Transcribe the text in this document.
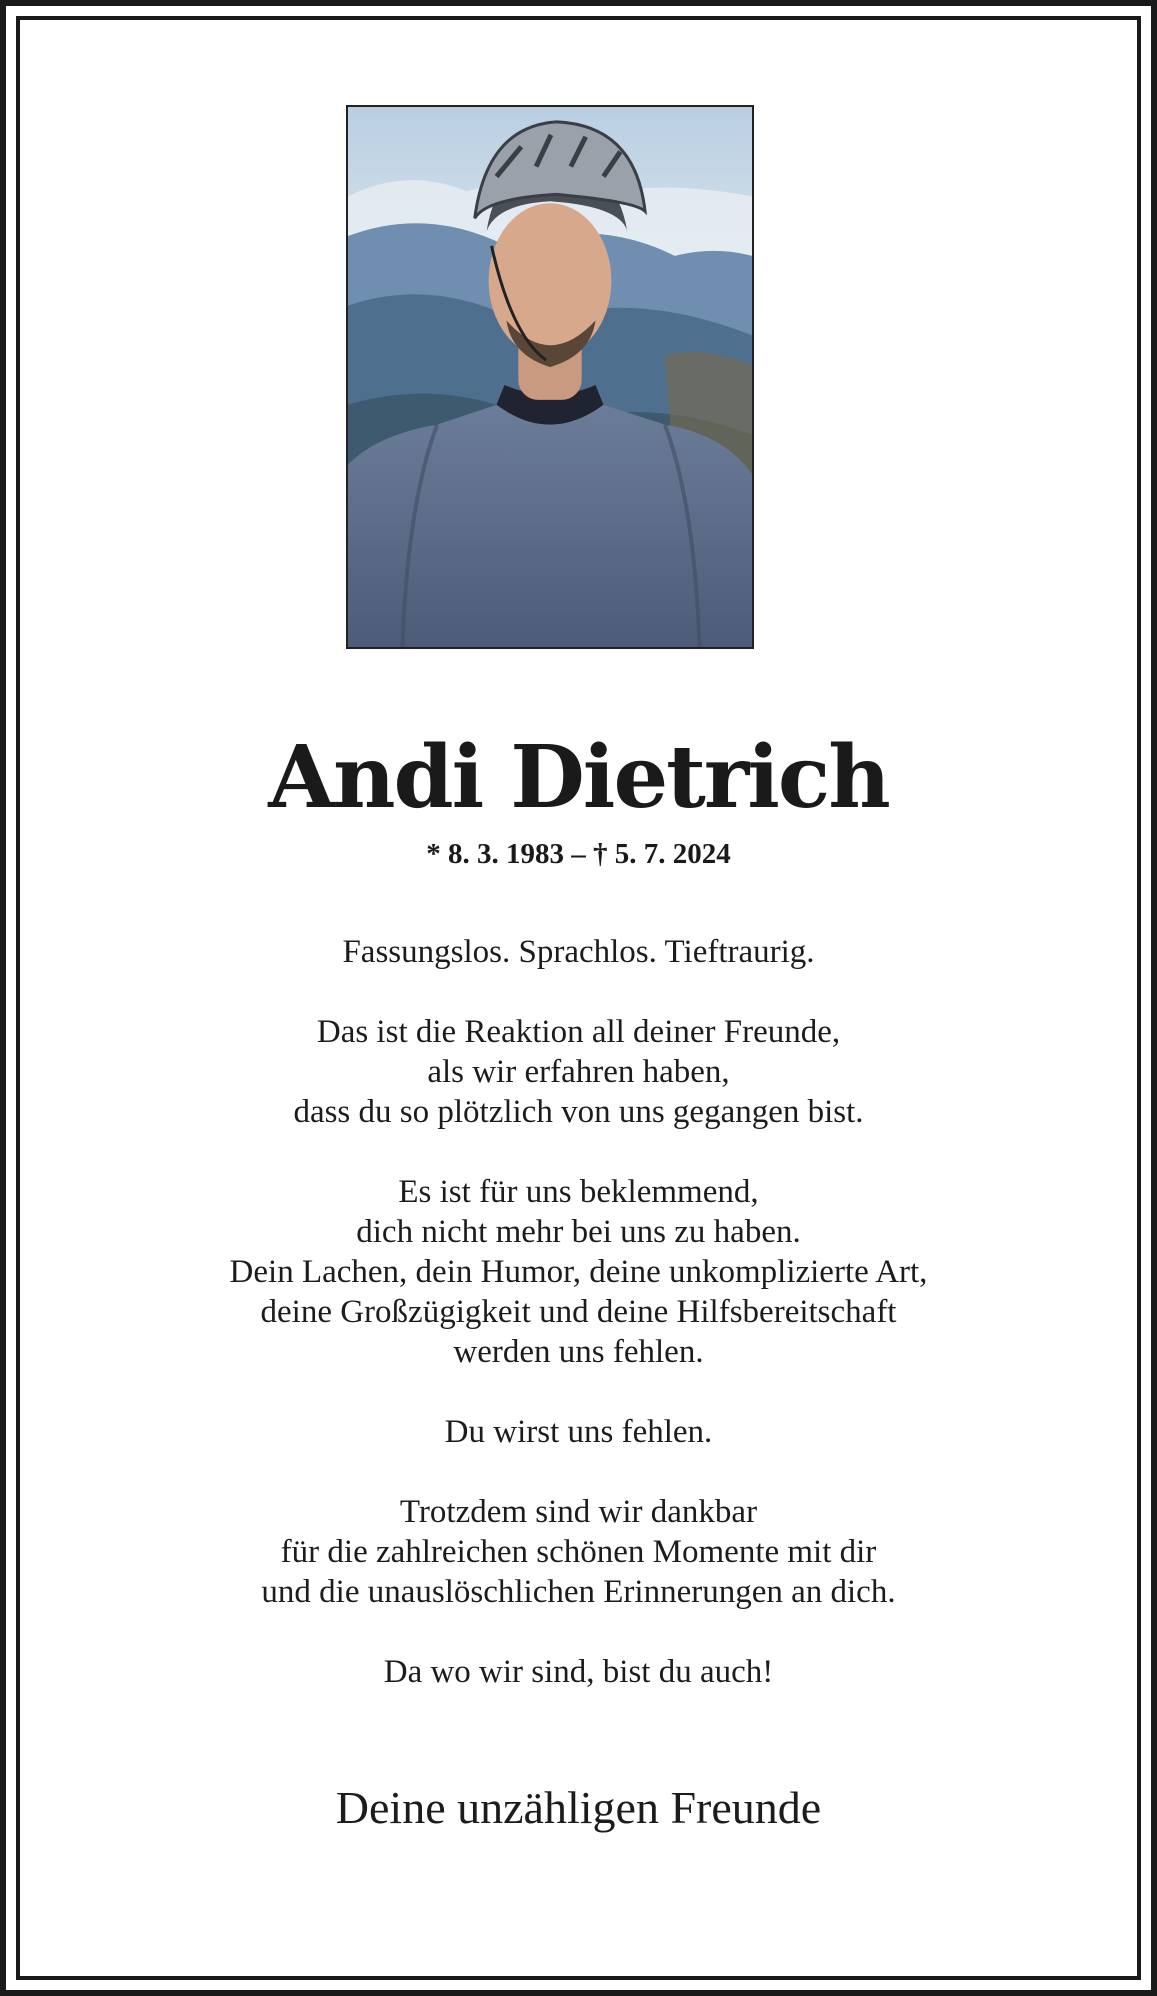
Andi Dietrich
* 8. 3. 1983 – † 5. 7. 2024

Fassungslos. Sprachlos. Tieftraurig.

Das ist die Reaktion all deiner Freunde,
als wir erfahren haben,
dass du so plötzlich von uns gegangen bist.

Es ist für uns beklemmend,
dich nicht mehr bei uns zu haben.
Dein Lachen, dein Humor, deine unkomplizierte Art,
deine Großzügigkeit und deine Hilfsbereitschaft
werden uns fehlen.

Du wirst uns fehlen.

Trotzdem sind wir dankbar
für die zahlreichen schönen Momente mit dir
und die unauslöschlichen Erinnerungen an dich.

Da wo wir sind, bist du auch!

Deine unzähligen Freunde
